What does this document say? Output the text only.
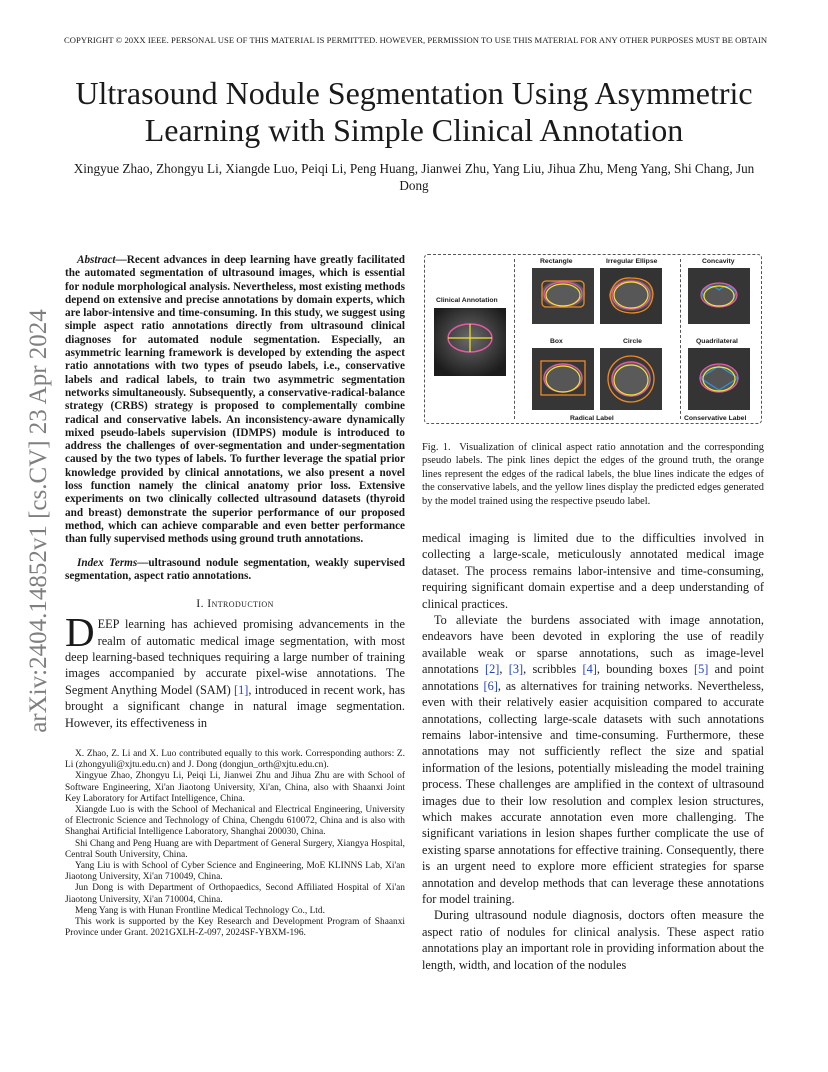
COPYRIGHT © 20XX IEEE. PERSONAL USE OF THIS MATERIAL IS PERMITTED. HOWEVER, PERMISSION TO USE THIS MATERIAL FOR ANY OTHER PURPOSES MUST BE OBTAIN
arXiv:2404.14852v1 [cs.CV] 23 Apr 2024
Ultrasound Nodule Segmentation Using Asymmetric Learning with Simple Clinical Annotation
Xingyue Zhao, Zhongyu Li, Xiangde Luo, Peiqi Li, Peng Huang, Jianwei Zhu, Yang Liu, Jihua Zhu, Meng Yang, Shi Chang, Jun Dong

Abstract—Recent advances in deep learning have greatly facilitated the automated segmentation of ultrasound images, which is essential for nodule morphological analysis. Nevertheless, most existing methods depend on extensive and precise annotations by domain experts, which are labor-intensive and time-consuming. In this study, we suggest using simple aspect ratio annotations directly from ultrasound clinical diagnoses for automated nodule segmentation. Especially, an asymmetric learning framework is developed by extending the aspect ratio annotations with two types of pseudo labels, i.e., conservative labels and radical labels, to train two asymmetric segmentation networks simultaneously. Subsequently, a conservative-radical-balance strategy (CRBS) strategy is proposed to complementally combine radical and conservative labels. An inconsistency-aware dynamically mixed pseudo-labels supervision (IDMPS) module is introduced to address the challenges of over-segmentation and under-segmentation caused by the two types of labels. To further leverage the spatial prior knowledge provided by clinical annotations, we also present a novel loss function namely the clinical anatomy prior loss. Extensive experiments on two clinically collected ultrasound datasets (thyroid and breast) demonstrate the superior performance of our proposed method, which can achieve comparable and even better performance than fully supervised methods using ground truth annotations.

Index Terms—ultrasound nodule segmentation, weakly supervised segmentation, aspect ratio annotations.

I. Introduction

DEEP learning has achieved promising advancements in the realm of automatic medical image segmentation, with most deep learning-based techniques requiring a large number of training images accompanied by accurate pixel-wise annotations. The Segment Anything Model (SAM) [1], introduced in recent work, has brought a significant change in natural image segmentation. However, its effectiveness in

X. Zhao, Z. Li and X. Luo contributed equally to this work. Corresponding authors: Z. Li (zhongyuli@xjtu.edu.cn) and J. Dong (dongjun_orth@xjtu.edu.cn).

Xingyue Zhao, Zhongyu Li, Peiqi Li, Jianwei Zhu and Jihua Zhu are with School of Software Engineering, Xi'an Jiaotong University, Xi'an, China, also with Shaanxi Joint Key Laboratory for Artifact Intelligence, China.

Xiangde Luo is with the School of Mechanical and Electrical Engineering, University of Electronic Science and Technology of China, Chengdu 610072, China and is also with Shanghai Artificial Intelligence Laboratory, Shanghai 200030, China.

Shi Chang and Peng Huang are with Department of General Surgery, Xiangya Hospital, Central South University, China.

Yang Liu is with School of Cyber Science and Engineering, MoE KLINNS Lab, Xi'an Jiaotong University, Xi'an 710049, China.

Jun Dong is with Department of Orthopaedics, Second Affiliated Hospital of Xi'an Jiaotong University, Xi'an 710004, China.

Meng Yang is with Hunan Frontline Medical Technology Co., Ltd.

This work is supported by the Key Research and Development Program of Shaanxi Province under Grant. 2021GXLH-Z-097, 2024SF-YBXM-196.

Clinical Annotation
Rectangle	Irregular Ellipse	Concavity
Box	Circle	Quadrilateral
Radical Label	Conservative Label

Fig. 1. Visualization of clinical aspect ratio annotation and the corresponding pseudo labels. The pink lines depict the edges of the ground truth, the orange lines represent the edges of the radical labels, the blue lines indicate the edges of the conservative labels, and the yellow lines display the predicted edges generated by the model trained using the respective pseudo label.

medical imaging is limited due to the difficulties involved in collecting a large-scale, meticulously annotated medical image dataset. The process remains labor-intensive and time-consuming, requiring significant domain expertise and a deep understanding of clinical practices.

To alleviate the burdens associated with image annotation, endeavors have been devoted in exploring the use of readily available weak or sparse annotations, such as image-level annotations [2], [3], scribbles [4], bounding boxes [5] and point annotations [6], as alternatives for training networks. Nevertheless, even with their relatively easier acquisition compared to accurate annotations, collecting large-scale datasets with such annotations remains labor-intensive and time-consuming. Furthermore, these annotations may not sufficiently reflect the size and spatial information of the lesions, potentially misleading the model training process. These challenges are amplified in the context of ultrasound images due to their low resolution and complex lesion structures, which makes accurate annotation even more challenging. The significant variations in lesion shapes further complicate the use of existing sparse annotations for effective training. Consequently, there is an urgent need to explore more efficient strategies for sparse annotation and develop methods that can leverage these annotations for model training.

During ultrasound nodule diagnosis, doctors often measure the aspect ratio of nodules for clinical analysis. These aspect ratio annotations play an important role in providing information about the length, width, and location of the nodules
